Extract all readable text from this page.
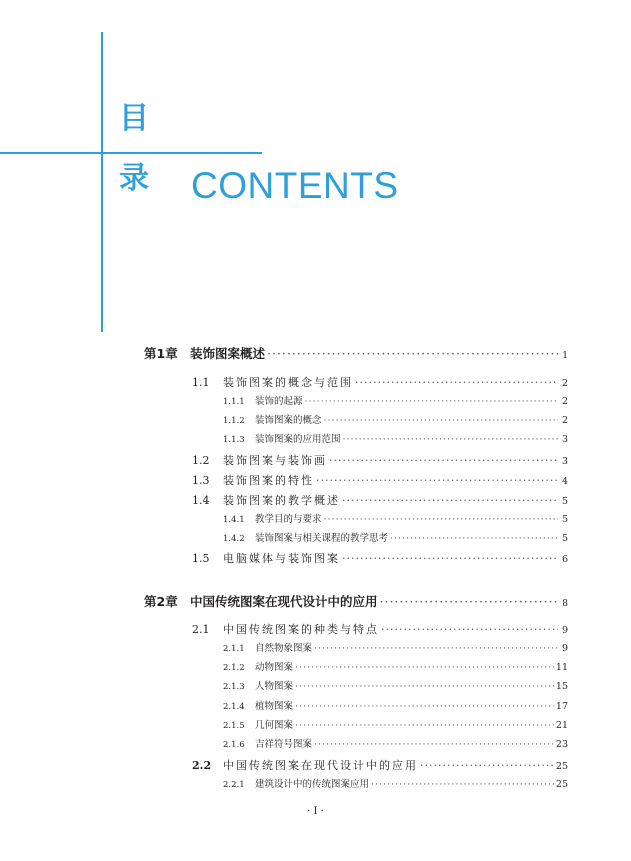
目
录 CONTENTS
第1章 装饰图案概述 ·····	1
1.1	装饰图案的概念与范围 ·····	2
1.1.1	装饰的起源 ·····	2
1.1.2	装饰图案的概念 ·····	2
1.1.3	装饰图案的应用范围 ·····	3
1.2	装饰图案与装饰画 ·····	3
1.3	装饰图案的特性 ·····	4
1.4	装饰图案的教学概述 ·····	5
1.4.1	教学目的与要求 ·····	5
1.4.2	装饰图案与相关课程的教学思考 ·····	5
1.5	电脑媒体与装饰图案 ·····	6
第2章 中国传统图案在现代设计中的应用 ·····	8
2.1	中国传统图案的种类与特点 ·····	9
2.1.1	自然物象图案 ·····	9
2.1.2	动物图案 ·····	11
2.1.3	人物图案 ·····	15
2.1.4	植物图案 ·····	17
2.1.5	几何图案 ·····	21
2.1.6	吉祥符号图案 ·····	23
2.2	中国传统图案在现代设计中的应用 ·····	25
2.2.1	建筑设计中的传统图案应用 ·····	25
· I ·
